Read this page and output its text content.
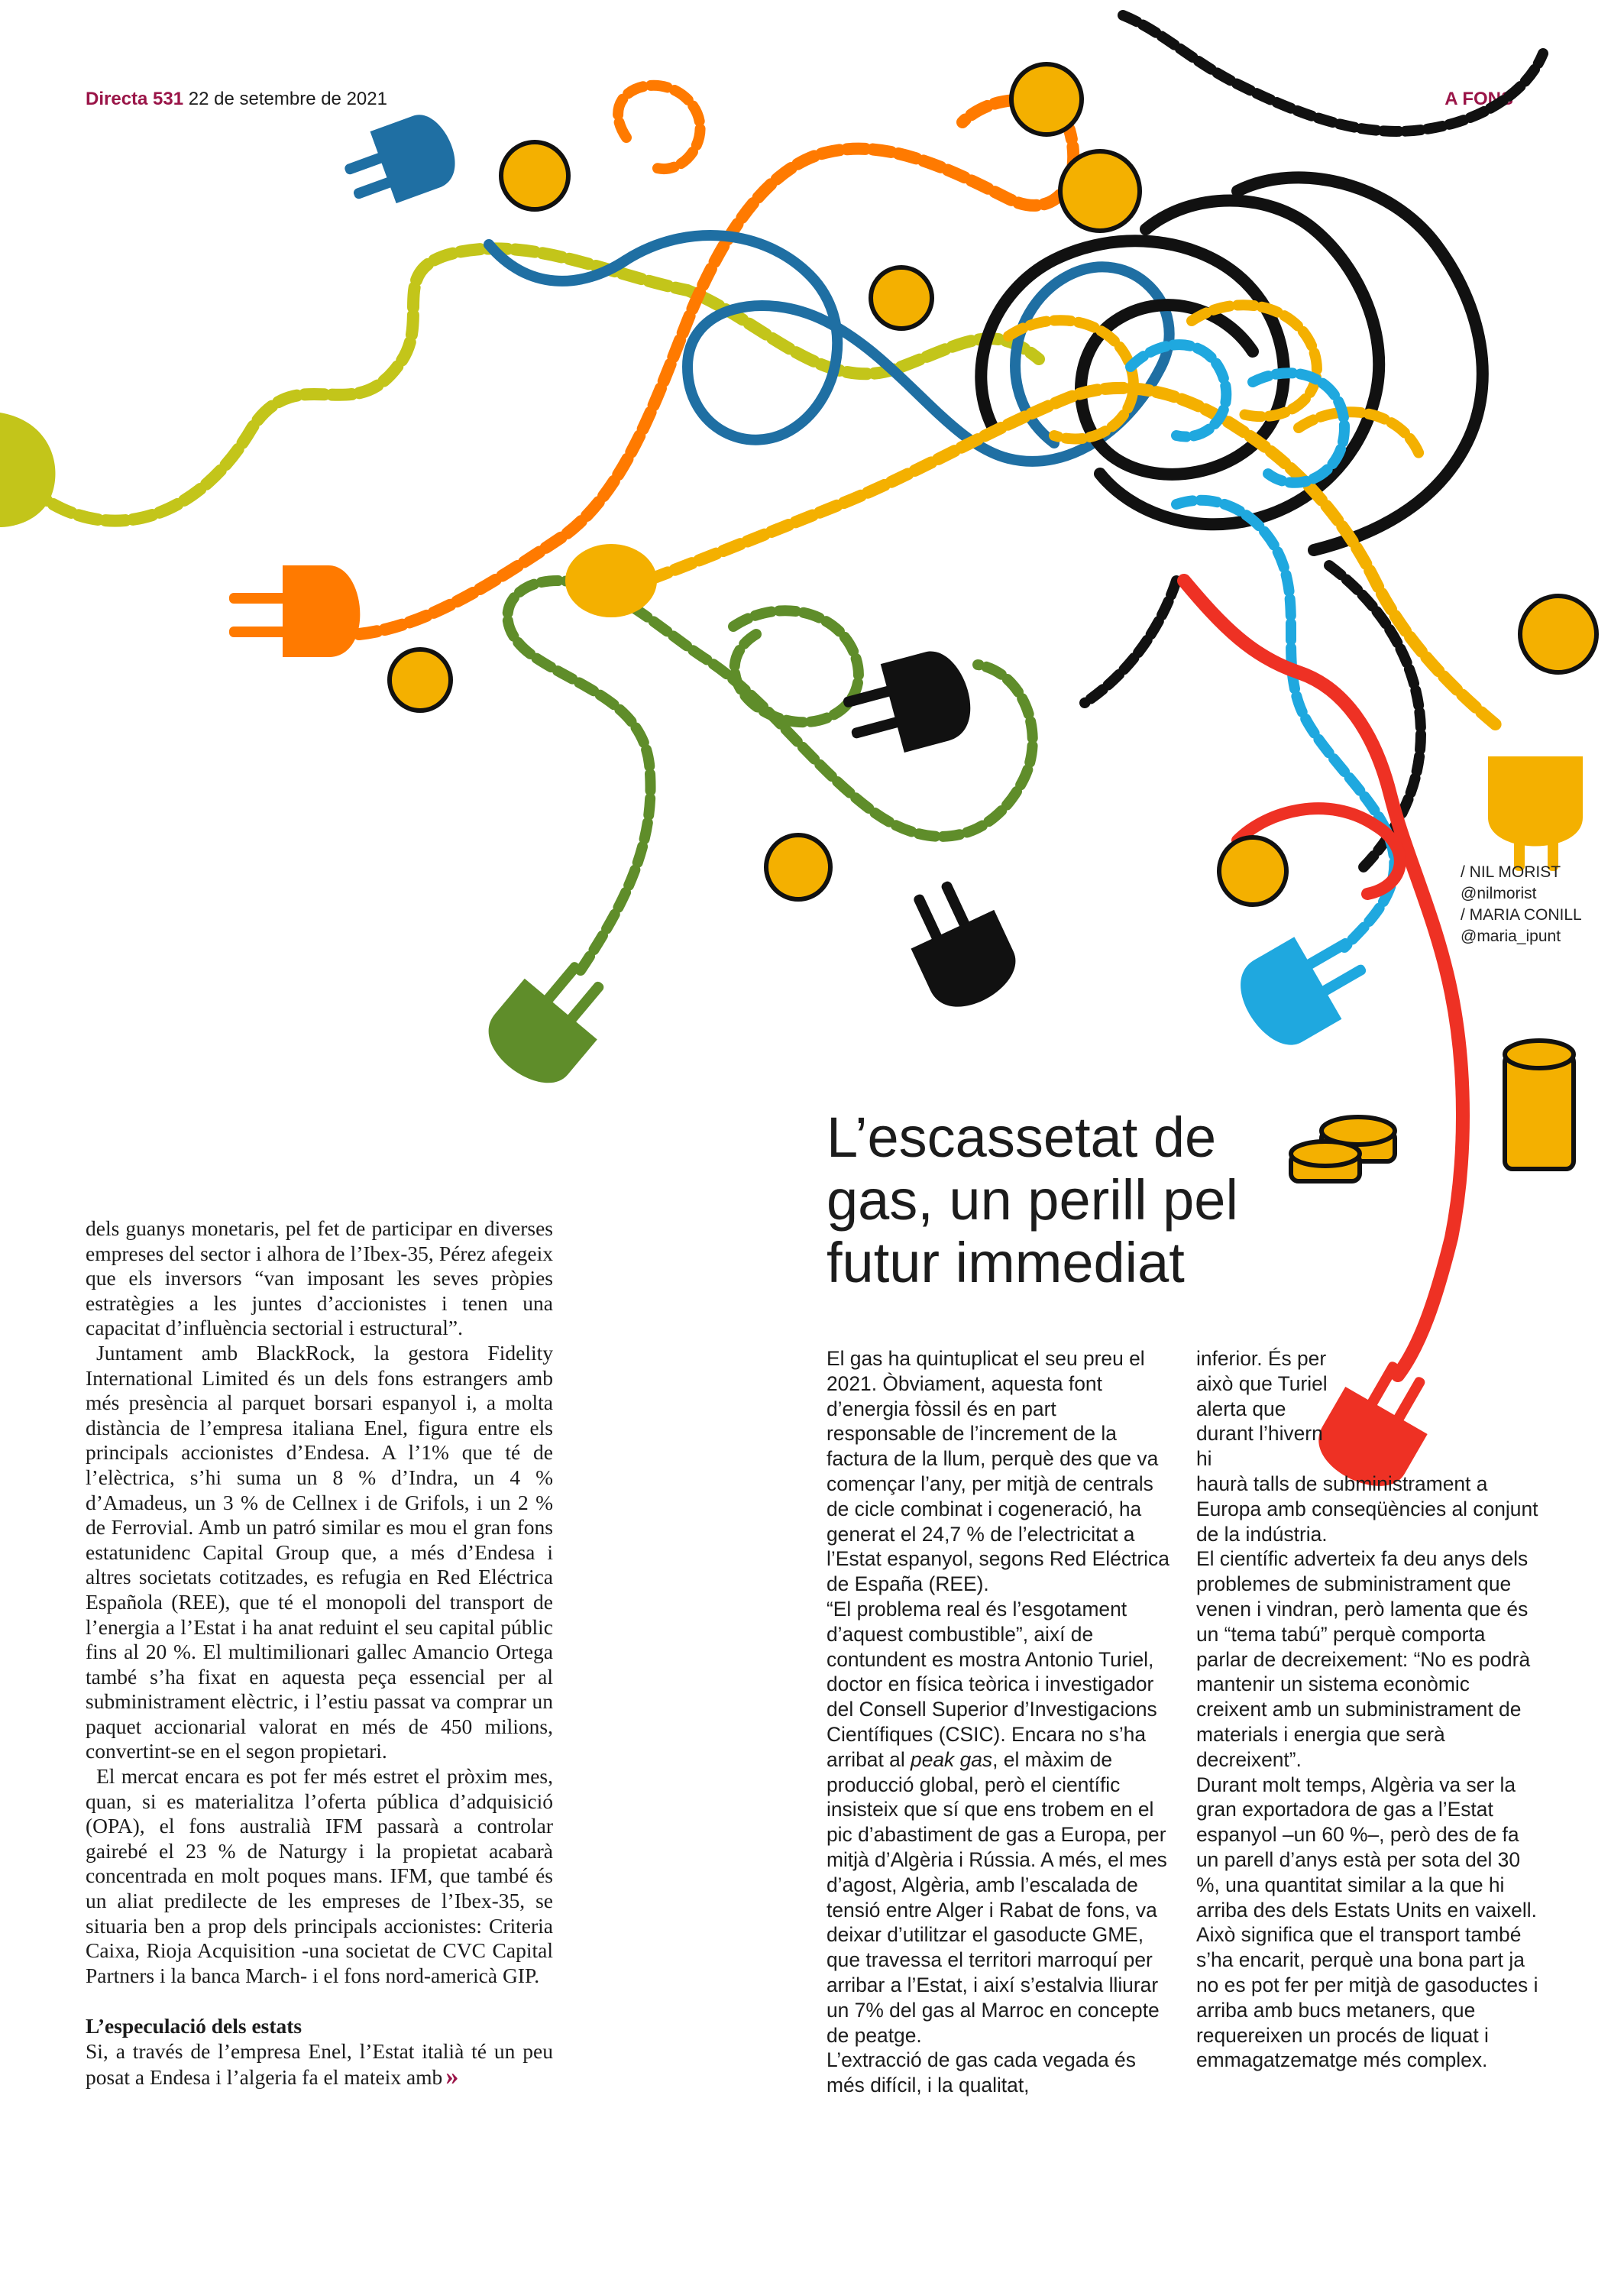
Directa 531 22 de setembre de 2021	A FONS
/ NIL MORIST
@nilmorist
/ MARIA CONILL
@maria_ipunt
L’escassetat de gas, un perill pel futur immediat

dels guanys monetaris, pel fet de participar en diverses empreses del sector i alhora de l’Ibex-35, Pérez afegeix que els inversors “van imposant les seves pròpies estratègies a les juntes d’accionistes i tenen una capacitat d’influència sectorial i estructural”.

Juntament amb BlackRock, la gestora Fidelity International Limited és un dels fons estrangers amb més presència al parquet borsari espanyol i, a molta distància de l’empresa italiana Enel, figura entre els principals accionistes d’Endesa. A l’1% que té de l’elèctrica, s’hi suma un 8 % d’Indra, un 4 % d’Amadeus, un 3 % de Cellnex i de Grifols, i un 2 % de Ferrovial. Amb un patró similar es mou el gran fons estatunidenc Capital Group que, a més d’Endesa i altres societats cotitzades, es refugia en Red Eléctrica Española (REE), que té el monopoli del transport de l’energia a l’Estat i ha anat reduint el seu capital públic fins al 20 %. El multimilionari gallec Amancio Ortega també s’ha fixat en aquesta peça essencial per al subministrament elèctric, i l’estiu passat va comprar un paquet accionarial valorat en més de 450 milions, convertint-se en el segon propietari.

El mercat encara es pot fer més estret el pròxim mes, quan, si es materialitza l’oferta pública d’adquisició (OPA), el fons australià IFM passarà a controlar gairebé el 23 % de Naturgy i la propietat acabarà concentrada en molt poques mans. IFM, que també és un aliat predilecte de les empreses de l’Ibex-35, se situaria ben a prop dels principals accionistes: Criteria Caixa, Rioja Acquisition -una societat de CVC Capital Partners i la banca March- i el fons nord-americà GIP.

L’especulació dels estats

Si, a través de l’empresa Enel, l’Estat italià té un peu posat a Endesa i l’algeria fa el mateix amb »

El gas ha quintuplicat el seu preu el 2021. Òbviament, aquesta font d’energia fòssil és en part responsable de l’increment de la factura de la llum, perquè des que va començar l’any, per mitjà de centrals de cicle combinat i cogeneració, ha generat el 24,7 % de l’electricitat a l’Estat espanyol, segons Red Eléctrica de España (REE).

“El problema real és l’esgotament d’aquest combustible”, així de contundent es mostra Antonio Turiel, doctor en física teòrica i investigador del Consell Superior d’Investigacions Científiques (CSIC). Encara no s’ha arribat al peak gas, el màxim de producció global, però el científic insisteix que sí que ens trobem en el pic d’abastiment de gas a Europa, per mitjà d’Algèria i Rússia. A més, el mes d’agost, Algèria, amb l’escalada de tensió entre Alger i Rabat de fons, va deixar d’utilitzar el gasoducte GME, que travessa el territori marroquí per arribar a l’Estat, i així s’estalvia lliurar un 7% del gas al Marroc en concepte de peatge.

L’extracció de gas cada vegada és més difícil, i la qualitat,

inferior. És per això que Turiel alerta que durant l’hivern hi

haurà talls de subministrament a Europa amb conseqüències al conjunt de la indústria.

El científic adverteix fa deu anys dels problemes de subministrament que venen i vindran, però lamenta que és un “tema tabú” perquè comporta parlar de decreixement: “No es podrà mantenir un sistema econòmic creixent amb un subministrament de materials i energia que serà decreixent”.

Durant molt temps, Algèria va ser la gran exportadora de gas a l’Estat espanyol –un 60 %–, però des de fa un parell d’anys està per sota del 30 %, una quantitat similar a la que hi arriba des dels Estats Units en vaixell. Això significa que el transport també s’ha encarit, perquè una bona part ja no es pot fer per mitjà de gasoductes i arriba amb bucs metaners, que requereixen un procés de liquat i emmagatzematge més complex.
